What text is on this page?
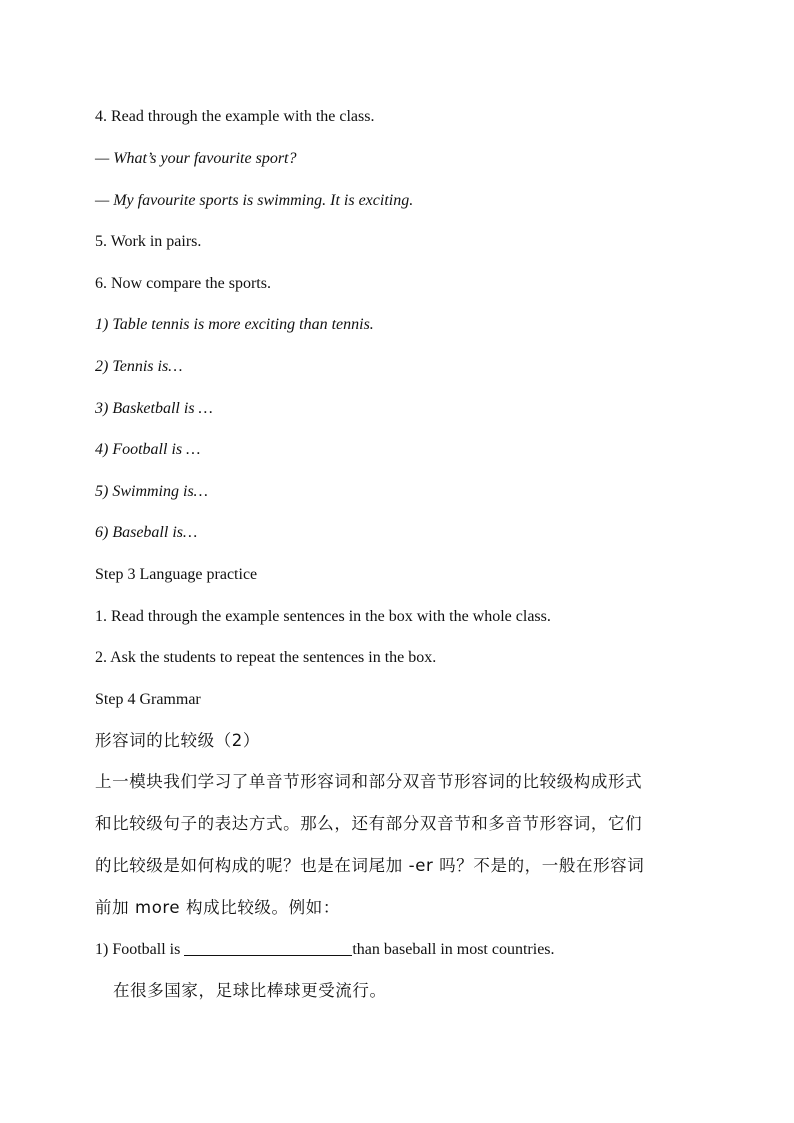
4. Read through the example with the class.
— What’s your favourite sport?
— My favourite sports is swimming. It is exciting.
5. Work in pairs.
6. Now compare the sports.
1) Table tennis is more exciting than tennis.
2) Tennis is…
3) Basketball is …
4) Football is …
5) Swimming is…
6) Baseball is…
Step 3 Language practice
1. Read through the example sentences in the box with the whole class.
2. Ask the students to repeat the sentences in the box.
Step 4 Grammar
形容词的比较级（2）
上一模块我们学习了单音节形容词和部分双音节形容词的比较级构成形式
和比较级句子的表达方式。那么，还有部分双音节和多音节形容词，它们
的比较级是如何构成的呢？也是在词尾加 -er 吗？不是的，一般在形容词
前加 more 构成比较级。例如：
1) Football is	than baseball in most countries.
在很多国家，足球比棒球更受流行。
